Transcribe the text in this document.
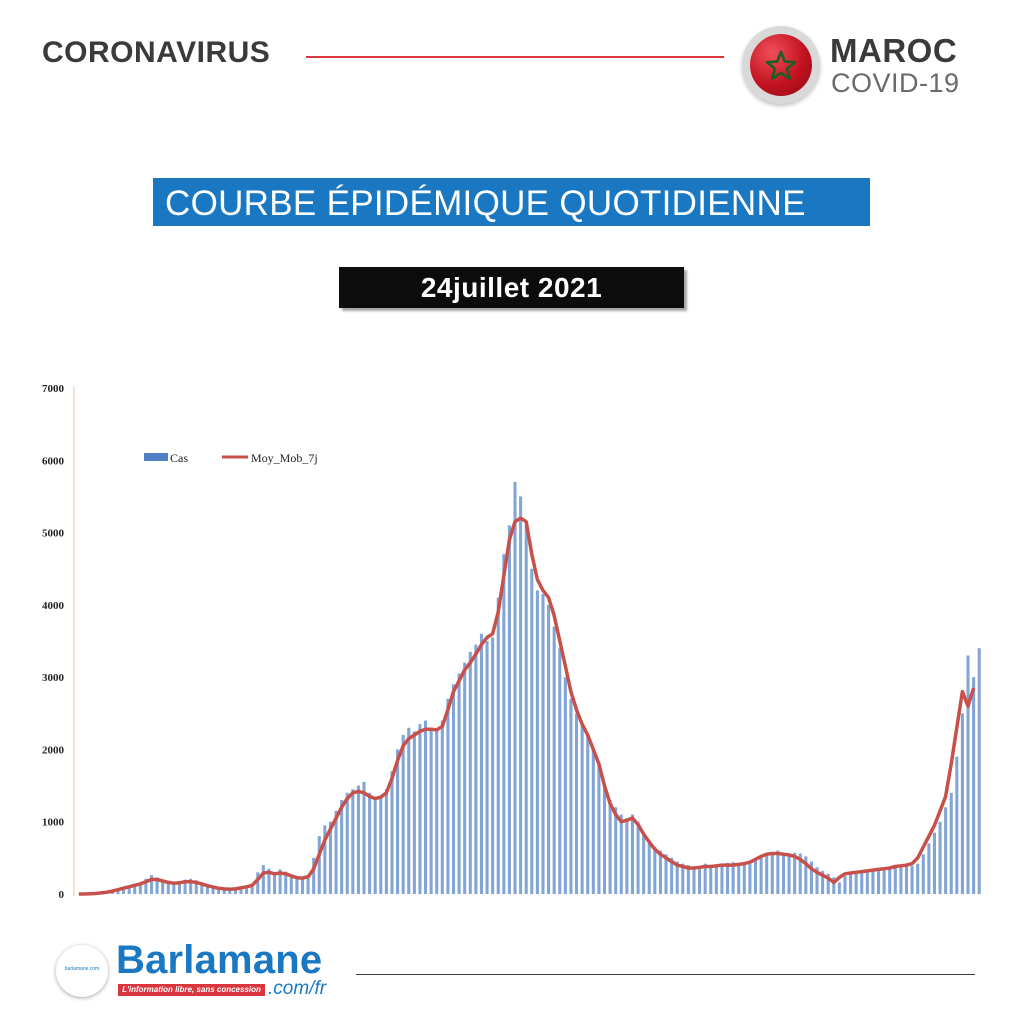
CORONAVIRUS	MAROC
COVID-19
COURBE ÉPIDÉMIQUE QUOTIDIENNE
24juillet 2021
0
1000
2000
3000
4000
5000
6000
7000
Cas	Moy_Mob_7j
barlamane.com Barlamane
L'information libre, sans concession .com/fr
